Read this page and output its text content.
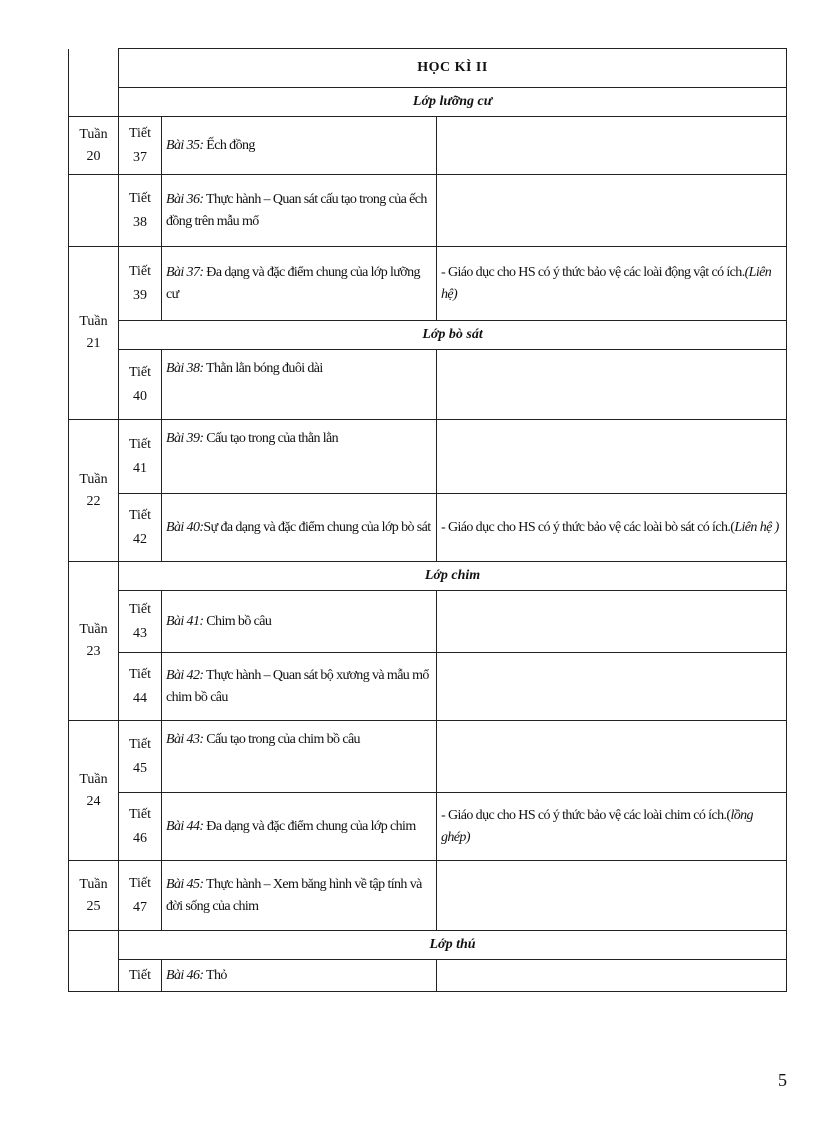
	HỌC KÌ II		
	Lớp lưỡng cư		
Tuần 20	Tiết 37	Bài 35: Ếch đồng	
	Tiết 38	Bài 36: Thực hành – Quan sát cấu tạo trong của ếch đồng trên mẫu mổ	
Tuần 21	Tiết 39	Bài 37: Đa dạng và đặc điểm chung của lớp lưỡng cư	- Giáo dục cho HS có ý thức bảo vệ các loài động vật có ích.(Liên hệ)
	Lớp bò sát		
	Tiết 40	Bài 38: Thằn lằn bóng đuôi dài	
Tuần 22	Tiết 41	Bài 39: Cấu tạo trong của thằn lằn	
	Tiết 42	Bài 40:Sự đa dạng và đặc điểm chung của lớp bò sát	- Giáo dục cho HS có ý thức bảo vệ các loài bò sát có ích.(Liên hệ )
Tuần 23	Lớp chim		
	Tiết 43	Bài 41: Chim bồ câu	
	Tiết 44	Bài 42: Thực hành – Quan sát bộ xương và mẫu mổ chim bồ câu	
Tuần 24	Tiết 45	Bài 43: Cấu tạo trong của chim bồ câu	
	Tiết 46	Bài 44: Đa dạng và đặc điểm chung của lớp chim	- Giáo dục cho HS có ý thức bảo vệ các loài chim có ích.(lồng ghép)
Tuần 25	Tiết 47	Bài 45: Thực hành – Xem băng hình về tập tính và đời sống của chim	
	Lớp thú		
	Tiết	Bài 46: Thỏ	
5
